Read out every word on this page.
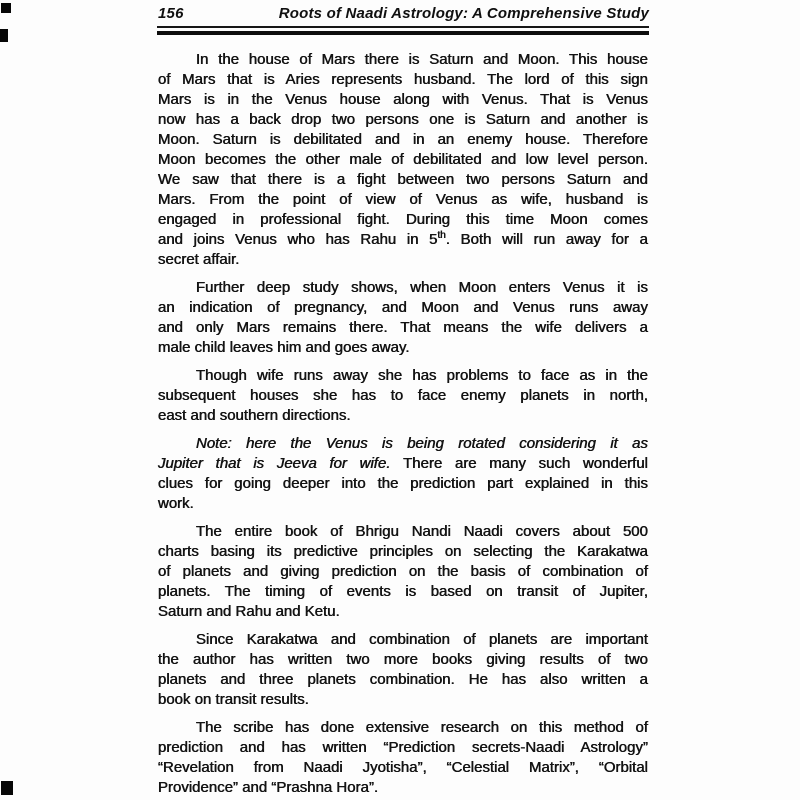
156	Roots of Naadi Astrology: A Comprehensive Study
In the house of Mars there is Saturn and Moon. This house
of Mars that is Aries represents husband. The lord of this sign
Mars is in the Venus house along with Venus. That is Venus
now has a back drop two persons one is Saturn and another is
Moon. Saturn is debilitated and in an enemy house. Therefore
Moon becomes the other male of debilitated and low level person.
We saw that there is a fight between two persons Saturn and
Mars. From the point of view of Venus as wife, husband is
engaged in professional fight. During this time Moon comes
and joins Venus who has Rahu in 5th. Both will run away for a
secret affair.
Further deep study shows, when Moon enters Venus it is
an indication of pregnancy, and Moon and Venus runs away
and only Mars remains there. That means the wife delivers a
male child leaves him and goes away.
Though wife runs away she has problems to face as in the
subsequent houses she has to face enemy planets in north,
east and southern directions.
Note: here the Venus is being rotated considering it as
Jupiter that is Jeeva for wife. There are many such wonderful
clues for going deeper into the prediction part explained in this
work.
The entire book of Bhrigu Nandi Naadi covers about 500
charts basing its predictive principles on selecting the Karakatwa
of planets and giving prediction on the basis of combination of
planets. The timing of events is based on transit of Jupiter,
Saturn and Rahu and Ketu.
Since Karakatwa and combination of planets are important
the author has written two more books giving results of two
planets and three planets combination. He has also written a
book on transit results.
The scribe has done extensive research on this method of
prediction and has written “Prediction secrets-Naadi Astrology”
“Revelation from Naadi Jyotisha”, “Celestial Matrix”, “Orbital
Providence” and “Prashna Hora”.
